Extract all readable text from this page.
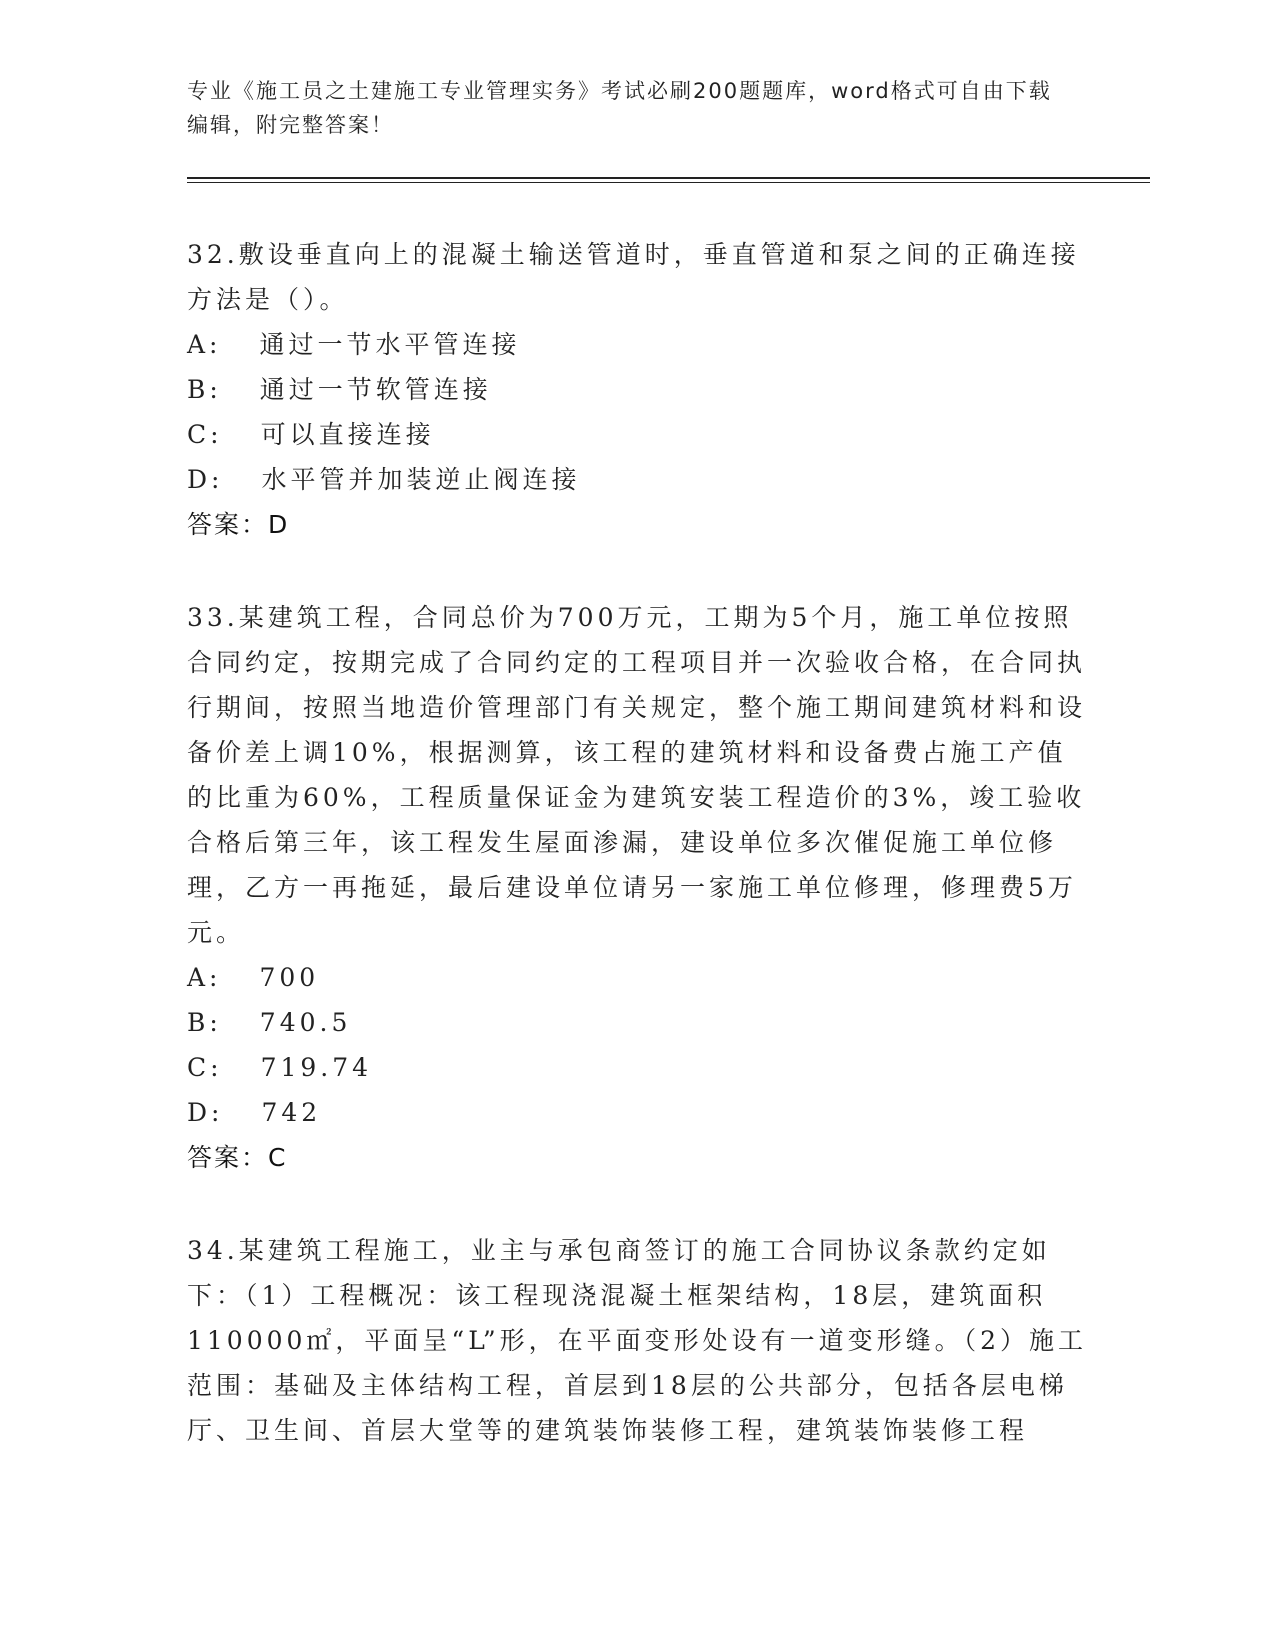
专业《施工员之土建施工专业管理实务》考试必刷200题题库，word格式可自由下载编辑，附完整答案！

32.敷设垂直向上的混凝土输送管道时，垂直管道和泵之间的正确连接方法是（）。

A: 通过一节水平管连接

B: 通过一节软管连接

C: 可以直接连接

D: 水平管并加装逆止阀连接

答案：D

33.某建筑工程，合同总价为700万元，工期为5个月，施工单位按照合同约定，按期完成了合同约定的工程项目并一次验收合格，在合同执行期间，按照当地造价管理部门有关规定，整个施工期间建筑材料和设备价差上调10%，根据测算，该工程的建筑材料和设备费占施工产值的比重为60%，工程质量保证金为建筑安装工程造价的3%，竣工验收合格后第三年，该工程发生屋面渗漏，建设单位多次催促施工单位修理，乙方一再拖延，最后建设单位请另一家施工单位修理，修理费5万元。

A: 700

B: 740.5

C: 719.74

D: 742

答案：C

34.某建筑工程施工，业主与承包商签订的施工合同协议条款约定如下：（1）工程概况：该工程现浇混凝土框架结构，18层，建筑面积110000㎡，平面呈“L”形，在平面变形处设有一道变形缝。（2）施工范围：基础及主体结构工程，首层到18层的公共部分，包括各层电梯厅、卫生间、首层大堂等的建筑装饰装修工程，建筑装饰装修工程
